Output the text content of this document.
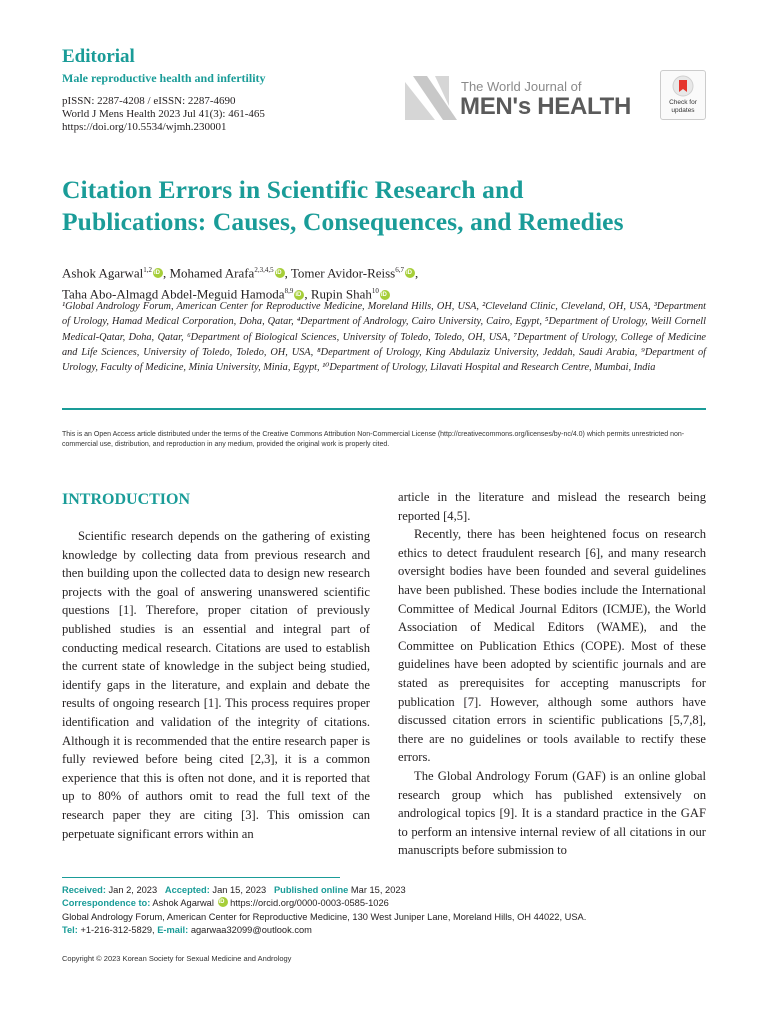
Editorial
Male reproductive health and infertility
pISSN: 2287-4208 / eISSN: 2287-4690
World J Mens Health 2023 Jul 41(3): 461-465
https://doi.org/10.5534/wjmh.230001
The World Journal of
MEN's HEALTH	Check for
updates
Citation Errors in Scientific Research and
Publications: Causes, Consequences, and Remedies
Ashok Agarwal$^{1,2}$ iD , Mohamed Arafa$^{2,3,4,5}$ iD , Tomer Avidor-Reiss$^{6,7}$ iD ,
Taha Abo-Almagd Abdel-Meguid Hamoda$^{8,9}$ iD , Rupin Shah$^{10}$iD
¹Global Andrology Forum, American Center for Reproductive Medicine, Moreland Hills, OH, USA, ²Cleveland Clinic, Cleveland, OH, USA, ³Department of Urology, Hamad Medical Corporation, Doha, Qatar, ⁴Department of Andrology, Cairo University, Cairo, Egypt, ⁵Department of Urology, Weill Cornell Medical-Qatar, Doha, Qatar, ⁶Department of Biological Sciences, University of Toledo, Toledo, OH, USA, ⁷Department of Urology, College of Medicine and Life Sciences, University of Toledo, Toledo, OH, USA, ⁸Department of Urology, King Abdulaziz University, Jeddah, Saudi Arabia, ⁹Department of Urology, Faculty of Medicine, Minia University, Minia, Egypt, ¹⁰Department of Urology, Lilavati Hospital and Research Centre, Mumbai, India
This is an Open Access article distributed under the terms of the Creative Commons Attribution Non-Commercial License (http://creativecommons.org/licenses/by-nc/4.0) which permits unrestricted non-commercial use, distribution, and reproduction in any medium, provided the original work is properly cited.
INTRODUCTION

Scientific research depends on the gathering of existing knowledge by collecting data from previous research and then building upon the collected data to design new research projects with the goal of answering unanswered scientific questions [1]. Therefore, proper citation of previously published studies is an essential and integral part of conducting medical research. Citations are used to establish the current state of knowledge in the subject being studied, identify gaps in the literature, and explain and debate the results of ongoing research [1]. This process requires proper identification and validation of the integrity of citations. Although it is recommended that the entire research paper is fully reviewed before being cited [2,3], it is a common experience that this is often not done, and it is reported that up to 80% of authors omit to read the full text of the research paper they are citing [3]. This omission can perpetuate significant errors within an

article in the literature and mislead the research being reported [4,5].

Recently, there has been heightened focus on research ethics to detect fraudulent research [6], and many research oversight bodies have been founded and several guidelines have been published. These bodies include the International Committee of Medical Journal Editors (ICMJE), the World Association of Medical Editors (WAME), and the Committee on Publication Ethics (COPE). Most of these guidelines have been adopted by scientific journals and are stated as prerequisites for accepting manuscripts for publication [7]. However, although some authors have discussed citation errors in scientific publications [5,7,8], there are no guidelines or tools available to rectify these errors.

The Global Andrology Forum (GAF) is an online global research group which has published extensively on andrological topics [9]. It is a standard practice in the GAF to perform an intensive internal review of all citations in our manuscripts before submission to

Received: Jan 2, 2023 Accepted: Jan 15, 2023 Published online Mar 15, 2023
Correspondence to: Ashok Agarwal iD https://orcid.org/0000-0003-0585-1026
Global Andrology Forum, American Center for Reproductive Medicine, 130 West Juniper Lane, Moreland Hills, OH 44022, USA.
Tel: +1-216-312-5829, E-mail: agarwaa32099@outlook.com
Copyright © 2023 Korean Society for Sexual Medicine and Andrology
